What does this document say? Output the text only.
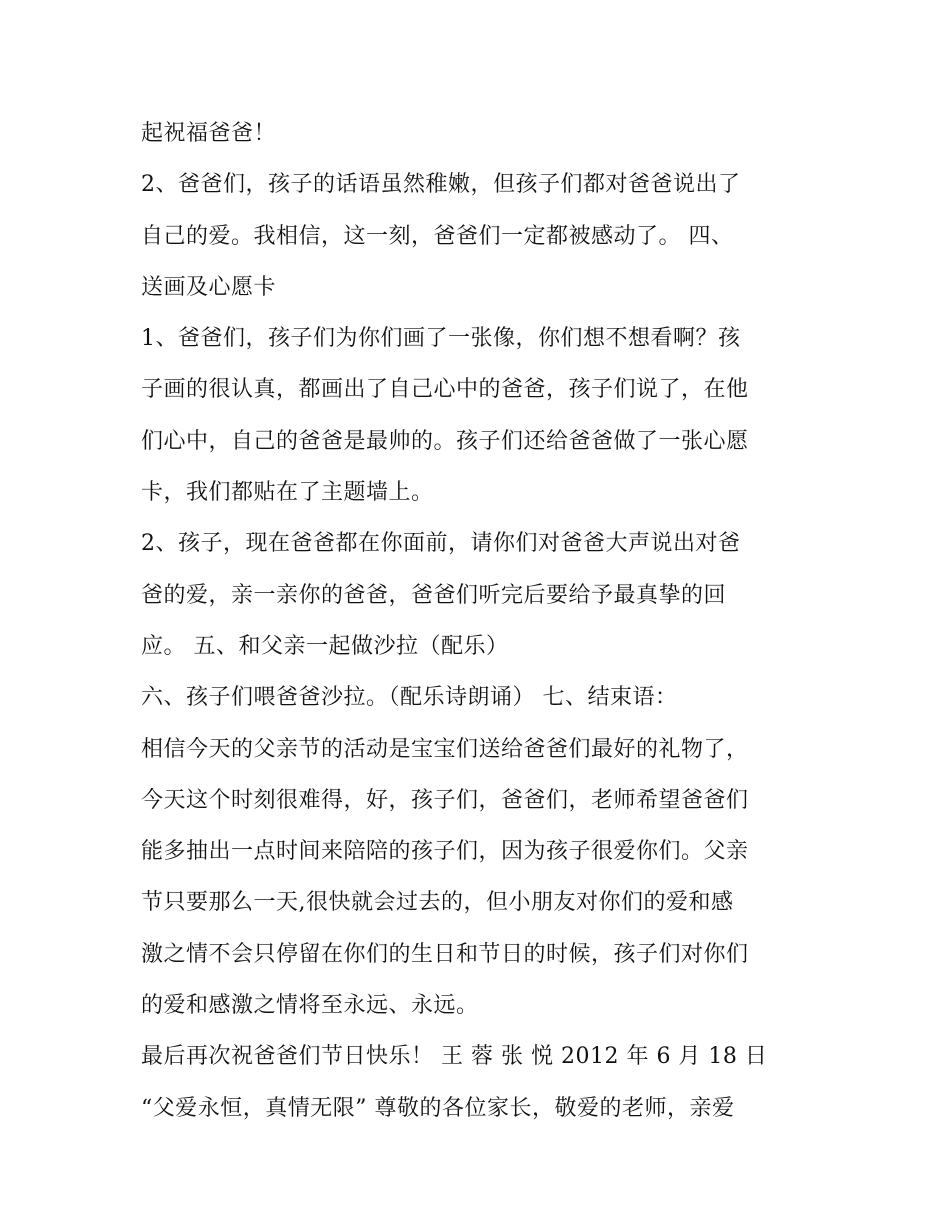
起祝福爸爸！
2、爸爸们，孩子的话语虽然稚嫩，但孩子们都对爸爸说出了
自己的爱。我相信，这一刻，爸爸们一定都被感动了。 四、
送画及心愿卡
1、爸爸们，孩子们为你们画了一张像，你们想不想看啊？孩
子画的很认真，都画出了自己心中的爸爸，孩子们说了，在他
们心中，自己的爸爸是最帅的。孩子们还给爸爸做了一张心愿
卡，我们都贴在了主题墙上。
2、孩子，现在爸爸都在你面前，请你们对爸爸大声说出对爸
爸的爱，亲一亲你的爸爸，爸爸们听完后要给予最真挚的回
应。 五、和父亲一起做沙拉（配乐）
六、孩子们喂爸爸沙拉。（配乐诗朗诵） 七、结束语：
相信今天的父亲节的活动是宝宝们送给爸爸们最好的礼物了，
今天这个时刻很难得，好，孩子们，爸爸们，老师希望爸爸们
能多抽出一点时间来陪陪的孩子们，因为孩子很爱你们。父亲
节只要那么一天,很快就会过去的，但小朋友对你们的爱和感
激之情不会只停留在你们的生日和节日的时候，孩子们对你们
的爱和感激之情将至永远、永远。
最后再次祝爸爸们节日快乐！ 王 蓉 张 悦 2012 年 6 月 18 日
“父爱永恒，真情无限” 尊敬的各位家长，敬爱的老师，亲爱
